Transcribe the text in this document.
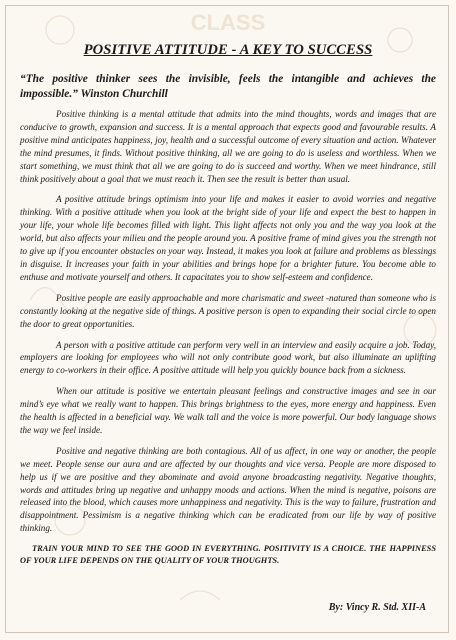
CLASS
POSITIVE ATTITUDE - A KEY TO SUCCESS

“The positive thinker sees the invisible, feels the intangible and achieves the impossible.” Winston Churchill

Positive thinking is a mental attitude that admits into the mind thoughts, words and images that are conducive to growth, expansion and success. It is a mental approach that expects good and favourable results. A positive mind anticipates happiness, joy, health and a successful outcome of every situation and action. Whatever the mind presumes, it finds. Without positive thinking, all we are going to do is useless and worthless. When we start something, we must think that all we are going to do is succeed and worthy. When we meet hindrance, still think positively about a goal that we must reach it. Then see the result is better than usual.

A positive attitude brings optimism into your life and makes it easier to avoid worries and negative thinking. With a positive attitude when you look at the bright side of your life and expect the best to happen in your life, your whole life becomes filled with light. This light affects not only you and the way you look at the world, but also affects your milieu and the people around you. A positive frame of mind gives you the strength not to give up if you encounter obstacles on your way. Instead, it makes you look at failure and problems as blessings in disguise. It increases your faith in your abilities and brings hope for a brighter future. You become able to enthuse and motivate yourself and others. It capacitates you to show self-esteem and confidence.

Positive people are easily approachable and more charismatic and sweet -natured than someone who is constantly looking at the negative side of things. A positive person is open to expanding their social circle to open the door to great opportunities.

A person with a positive attitude can perform very well in an interview and easily acquire a job. Today, employers are looking for employees who will not only contribute good work, but also illuminate an uplifting energy to co-workers in their office. A positive attitude will help you quickly bounce back from a sickness.

When our attitude is positive we entertain pleasant feelings and constructive images and see in our mind’s eye what we really want to happen. This brings brightness to the eyes, more energy and happiness. Even the health is affected in a beneficial way. We walk tall and the voice is more powerful. Our body language shows the way we feel inside.

Positive and negative thinking are both contagious. All of us affect, in one way or another, the people we meet. People sense our aura and are affected by our thoughts and vice versa. People are more disposed to help us if we are positive and they abominate and avoid anyone broadcasting negativity. Negative thoughts, words and attitudes bring up negative and unhappy moods and actions. When the mind is negative, poisons are released into the blood, which causes more unhappiness and negativity. This is the way to failure, frustration and disappointment. Pessimism is a negative thinking which can be eradicated from our life by way of positive thinking.

TRAIN YOUR MIND TO SEE THE GOOD IN EVERYTHING. POSITIVITY IS A CHOICE. THE HAPPINESS OF YOUR LIFE DEPENDS ON THE QUALITY OF YOUR THOUGHTS.

By: Vincy R. Std. XII-A
